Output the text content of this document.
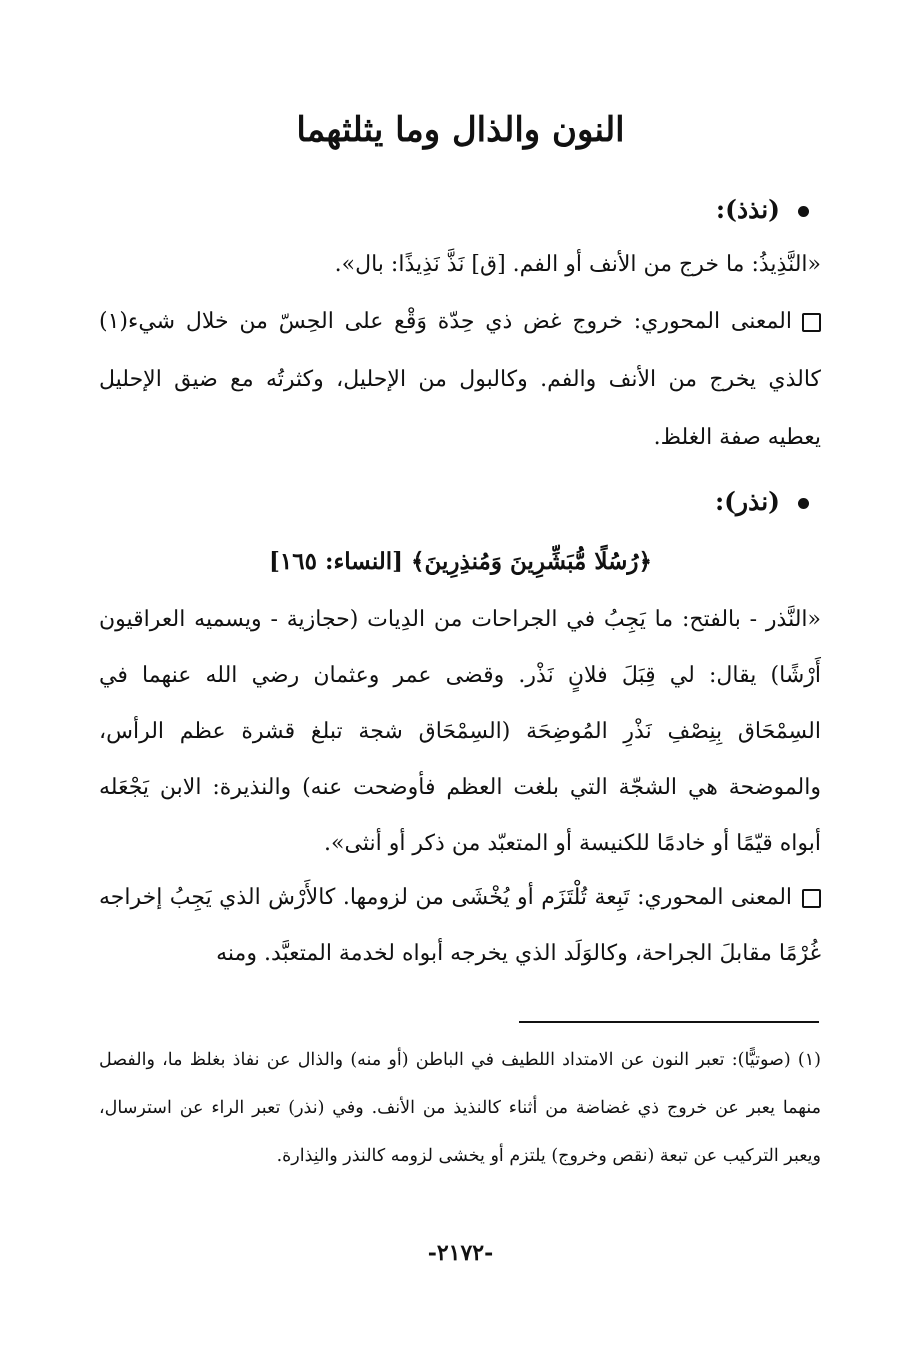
النون والذال وما يثلثهما
(نذذ):

«النَّذِيذُ: ما خرج من الأنف أو الفم. [ق] نَذَّ نَذِيذًا: بال».

المعنى المحوري: خروج غض ذي حِدّة وَقْع على الحِسّ من خلال شيء(١) كالذي يخرج من الأنف والفم. وكالبول من الإحليل، وكثرتُه مع ضيق الإحليل يعطيه صفة الغلظ.

(نذر):

﴿رُسُلًا مُّبَشِّرِينَ وَمُنذِرِينَ﴾ [النساء: ١٦٥]

«النَّذر - بالفتح: ما يَجِبُ في الجراحات من الدِيات (حجازية - ويسميه العراقيون أَرْشًا) يقال: لي قِبَلَ فلانٍ نَذْر. وقضى عمر وعثمان رضي الله عنهما في السِمْحَاق بِنِصْفِ نَذْرِ المُوضِحَة (السِمْحَاق شجة تبلغ قشرة عظم الرأس، والموضحة هي الشجّة التي بلغت العظم فأوضحت عنه) والنذيرة: الابن يَجْعَله أبواه قيّمًا أو خادمًا للكنيسة أو المتعبّد من ذكر أو أنثى».

المعنى المحوري: تَبِعة تُلْتَزَم أو يُخْشَى من لزومها. كالأَرْش الذي يَجِبُ إخراجه غُرْمًا مقابلَ الجراحة، وكالوَلَد الذي يخرجه أبواه لخدمة المتعبَّد. ومنه

(١) (صوتيًّا): تعبر النون عن الامتداد اللطيف في الباطن (أو منه) والذال عن نفاذ بغلظ ما، والفصل منهما يعبر عن خروج ذي غضاضة من أثناء كالنذيذ من الأنف. وفي (نذر) تعبر الراء عن استرسال، ويعبر التركيب عن تبعة (نقص وخروج) يلتزم أو يخشى لزومه كالنذر والنِذارة.

-٢١٧٢-
